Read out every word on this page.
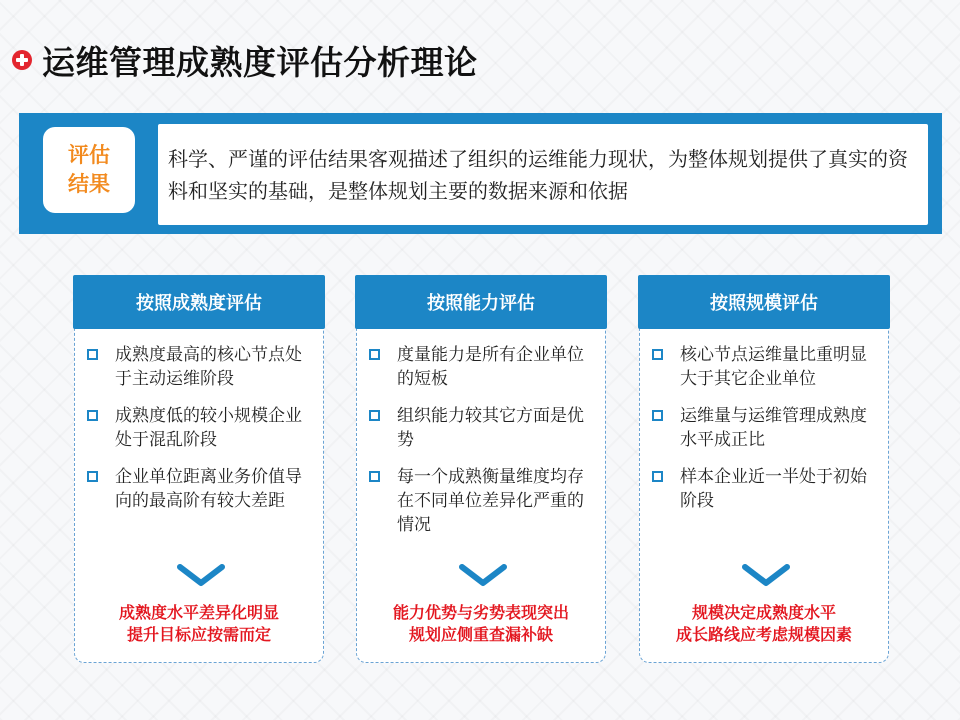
运维管理成熟度评估分析理论
评估
结果
科学、严谨的评估结果客观描述了组织的运维能力现状，为整体规划提供了真实的资料和坚实的基础，是整体规划主要的数据来源和依据
按照成熟度评估
成熟度最高的核心节点处于主动运维阶段
成熟度低的较小规模企业处于混乱阶段
企业单位距离业务价值导向的最高阶有较大差距
成熟度水平差异化明显
提升目标应按需而定
按照能力评估
度量能力是所有企业单位的短板
组织能力较其它方面是优势
每一个成熟衡量维度均存在不同单位差异化严重的情况
能力优势与劣势表现突出
规划应侧重查漏补缺
按照规模评估
核心节点运维量比重明显大于其它企业单位
运维量与运维管理成熟度水平成正比
样本企业近一半处于初始阶段
规模决定成熟度水平
成长路线应考虑规模因素
